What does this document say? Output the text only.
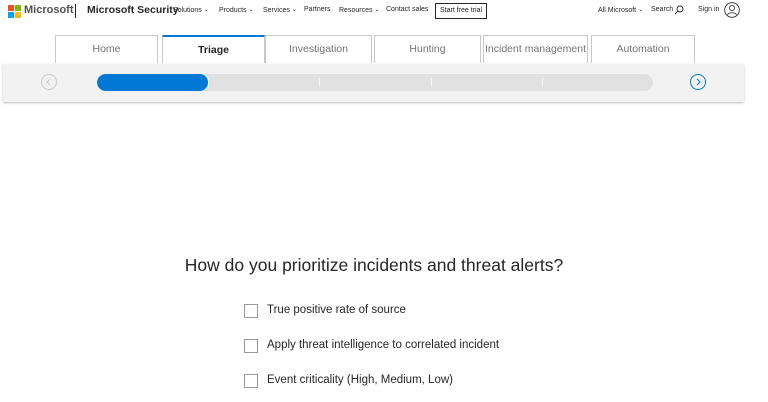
Microsoft Microsoft Security
Solutions ⌄ Products ⌄ Services ⌄ Partners Resources ⌄ Contact sales	Start free trial	All Microsoft ⌄ Search	Sign in
Home	Triage	Investigation	Hunting	Incident management	Automation
How do you prioritize incidents and threat alerts?
True positive rate of source
Apply threat intelligence to correlated incident
Event criticality (High, Medium, Low)
